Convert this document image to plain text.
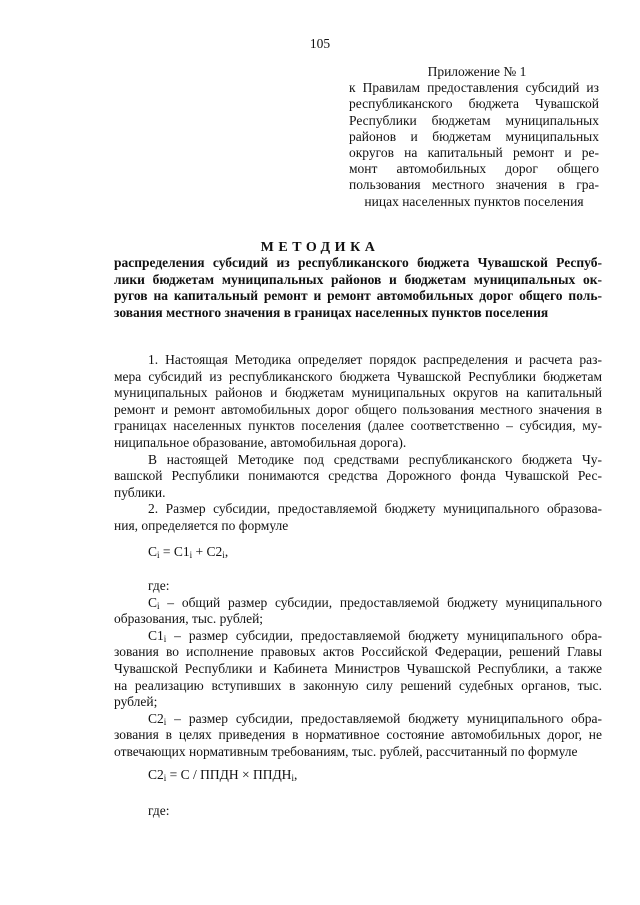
105
Приложение № 1
к Правилам предоставления субсидий из
республиканского бюджета Чувашской
Республики бюджетам муниципальных
районов и бюджетам муниципальных
округов на капитальный ремонт и ре-
монт автомобильных дорог общего
пользования местного значения в гра-
ницах населенных пунктов поселения
МЕТОДИКА
распределения субсидий из республиканского бюджета Чувашской Респуб-
лики бюджетам муниципальных районов и бюджетам муниципальных ок-
ругов на капитальный ремонт и ремонт автомобильных дорог общего поль-
зования местного значения в границах населенных пунктов поселения
1. Настоящая Методика определяет порядок распределения и расчета раз-
мера субсидий из республиканского бюджета Чувашской Республики бюджетам
муниципальных районов и бюджетам муниципальных округов на капитальный
ремонт и ремонт автомобильных дорог общего пользования местного значения в
границах населенных пунктов поселения (далее соответственно – субсидия, му-
ниципальное образование, автомобильная дорога).
В настоящей Методике под средствами республиканского бюджета Чу-
вашской Республики понимаются средства Дорожного фонда Чувашской Рес-
публики.
2. Размер субсидии, предоставляемой бюджету муниципального образова-
ния, определяется по формуле
$C_i = C1_i + C2_i$,
где:
$C_i$ – общий размер субсидии, предоставляемой бюджету муниципального
образования, тыс. рублей;
$C1_i$ – размер субсидии, предоставляемой бюджету муниципального обра-
зования во исполнение правовых актов Российской Федерации, решений Главы
Чувашской Республики и Кабинета Министров Чувашской Республики, а также
на реализацию вступивших в законную силу решений судебных органов, тыс.
рублей;
$C2_i$ – размер субсидии, предоставляемой бюджету муниципального обра-
зования в целях приведения в нормативное состояние автомобильных дорог, не
отвечающих нормативным требованиям, тыс. рублей, рассчитанный по формуле
$C2_i = C$ / ППДН × $ППДН_i$,
где:
